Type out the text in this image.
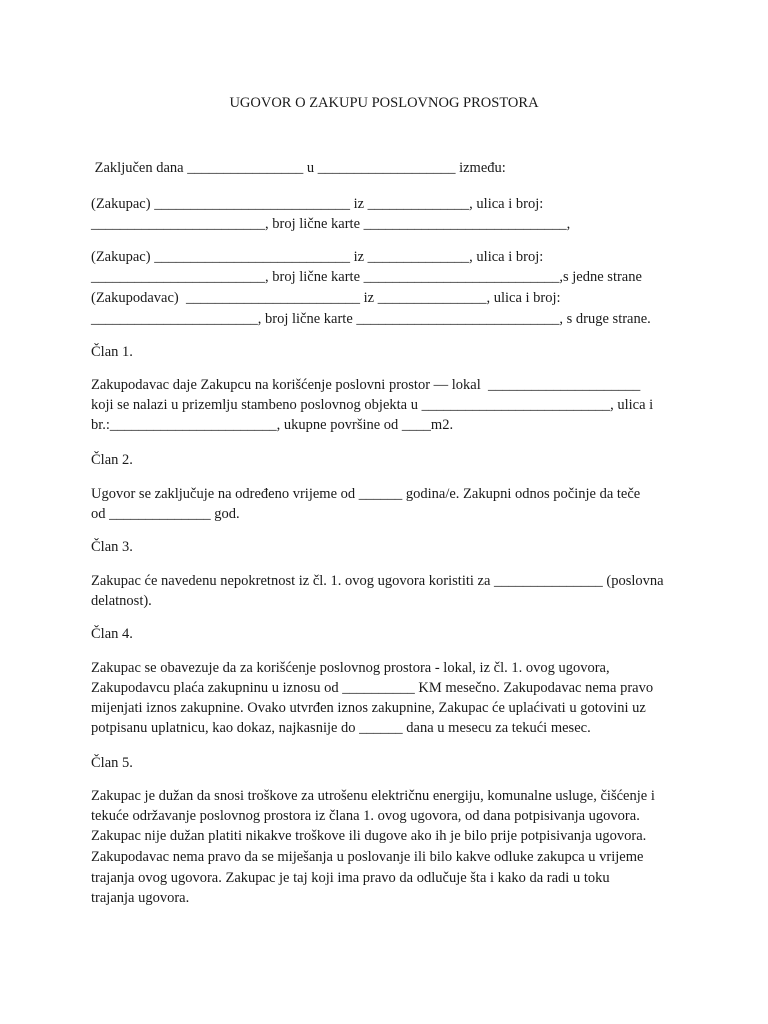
UGOVOR O ZAKUPU POSLOVNOG PROSTORA
Zaključen dana ________________ u ___________________ između:
(Zakupac) ___________________________ iz ______________, ulica i broj:
________________________, broj lične karte ____________________________,
(Zakupac) ___________________________ iz ______________, ulica i broj:
________________________, broj lične karte ___________________________,s jedne strane
(Zakupodavac)  ________________________ iz _______________, ulica i broj:
_______________________, broj lične karte ____________________________, s druge strane.
Član 1.
Zakupodavac daje Zakupcu na korišćenje poslovni prostor — lokal  _____________________
koji se nalazi u prizemlju stambeno poslovnog objekta u __________________________, ulica i
br.:_______________________, ukupne površine od ____m2.
Član 2.
Ugovor se zaključuje na određeno vrijeme od ______ godina/e. Zakupni odnos počinje da teče
od ______________ god.
Član 3.
Zakupac će navedenu nepokretnost iz čl. 1. ovog ugovora koristiti za _______________ (poslovna
delatnost).
Član 4.
Zakupac se obavezuje da za korišćenje poslovnog prostora - lokal, iz čl. 1. ovog ugovora,
Zakupodavcu plaća zakupninu u iznosu od __________ KM mesečno. Zakupodavac nema pravo
mijenjati iznos zakupnine. Ovako utvrđen iznos zakupnine, Zakupac će uplaćivati u gotovini uz
potpisanu uplatnicu, kao dokaz, najkasnije do ______ dana u mesecu za tekući mesec.
Član 5.
Zakupac je dužan da snosi troškove za utrošenu električnu energiju, komunalne usluge, čišćenje i
tekuće održavanje poslovnog prostora iz člana 1. ovog ugovora, od dana potpisivanja ugovora.
Zakupac nije dužan platiti nikakve troškove ili dugove ako ih je bilo prije potpisivanja ugovora.
Zakupodavac nema pravo da se miješanja u poslovanje ili bilo kakve odluke zakupca u vrijeme
trajanja ovog ugovora. Zakupac je taj koji ima pravo da odlučuje šta i kako da radi u toku
trajanja ugovora.
